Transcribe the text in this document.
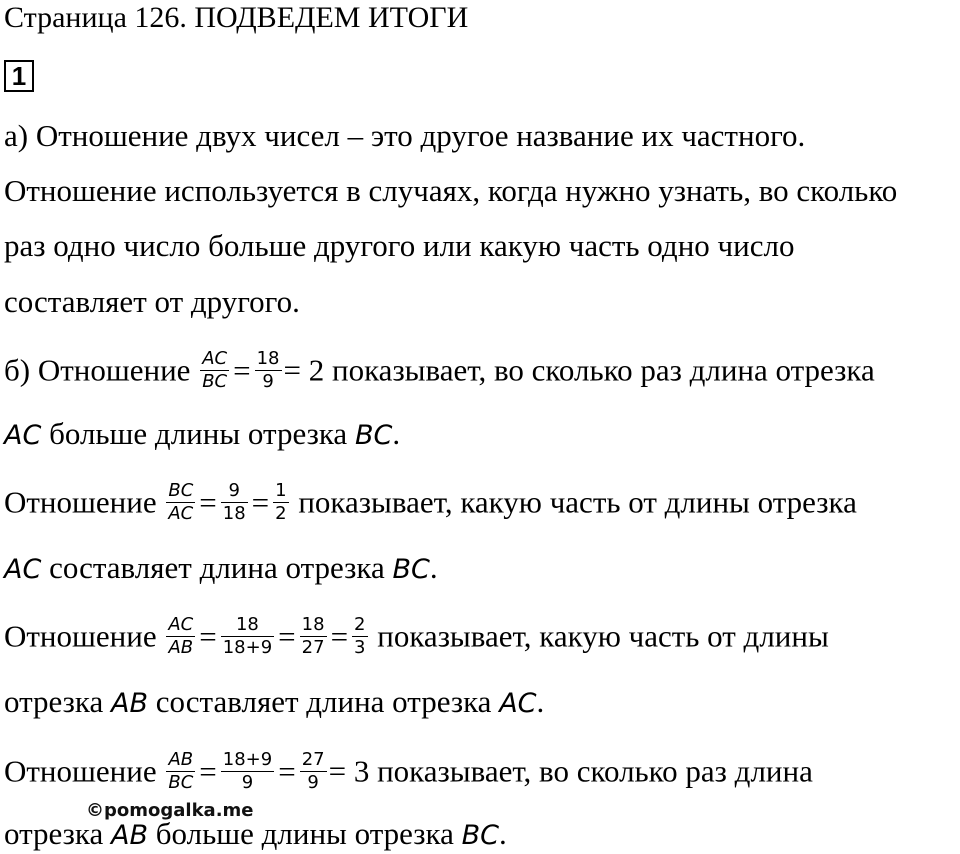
Страница 126. ПОДВЕДЕМ ИТОГИ
1
а) Отношение двух чисел – это другое название их частного.
Отношение используется в случаях, когда нужно узнать, во сколько
раз одно число больше другого или какую часть одно число
составляет от другого.
б) Отношение $\frac{AC}{BC} = \frac{18}{9} = 2$ показывает, во сколько раз длина отрезка
AC больше длины отрезка BC.
Отношение $\frac{BC}{AC} = \frac{9}{18} = \frac{1}{2}$ показывает, какую часть от длины отрезка
AC составляет длина отрезка BC.
Отношение $\frac{AC}{AB} = \frac{18}{18+9} = \frac{18}{27} = \frac{2}{3}$ показывает, какую часть от длины
отрезка AB составляет длина отрезка AC.
Отношение $\frac{AB}{BC} = \frac{18+9}{9} = \frac{27}{9} = 3$ показывает, во сколько раз длина
отрезка AB больше длины отрезка BC.
©pomogalka.me
